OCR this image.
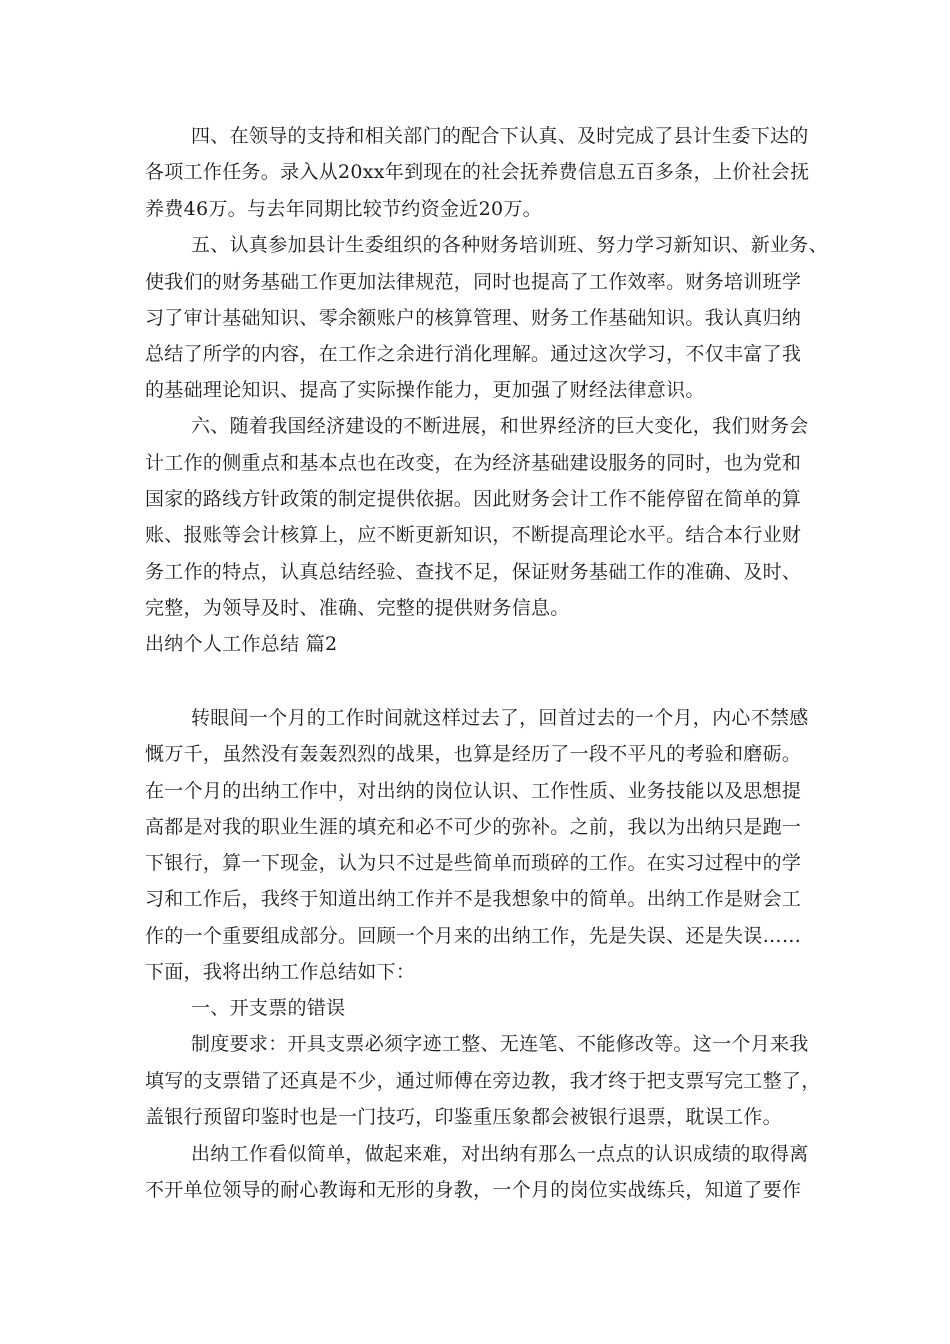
四、在领导的支持和相关部门的配合下认真、及时完成了县计生委下达的
各项工作任务。录入从20xx年到现在的社会抚养费信息五百多条，上价社会抚
养费46万。与去年同期比较节约资金近20万。
五、认真参加县计生委组织的各种财务培训班、努力学习新知识、新业务、
使我们的财务基础工作更加法律规范，同时也提高了工作效率。财务培训班学
习了审计基础知识、零余额账户的核算管理、财务工作基础知识。我认真归纳
总结了所学的内容，在工作之余进行消化理解。通过这次学习，不仅丰富了我
的基础理论知识、提高了实际操作能力，更加强了财经法律意识。
六、随着我国经济建设的不断进展，和世界经济的巨大变化，我们财务会
计工作的侧重点和基本点也在改变，在为经济基础建设服务的同时，也为党和
国家的路线方针政策的制定提供依据。因此财务会计工作不能停留在简单的算
账、报账等会计核算上，应不断更新知识，不断提高理论水平。结合本行业财
务工作的特点，认真总结经验、查找不足，保证财务基础工作的准确、及时、
完整，为领导及时、准确、完整的提供财务信息。
出纳个人工作总结 篇2
转眼间一个月的工作时间就这样过去了，回首过去的一个月，内心不禁感
慨万千，虽然没有轰轰烈烈的战果，也算是经历了一段不平凡的考验和磨砺。
在一个月的出纳工作中，对出纳的岗位认识、工作性质、业务技能以及思想提
高都是对我的职业生涯的填充和必不可少的弥补。之前，我以为出纳只是跑一
下银行，算一下现金，认为只不过是些简单而琐碎的工作。在实习过程中的学
习和工作后，我终于知道出纳工作并不是我想象中的简单。出纳工作是财会工
作的一个重要组成部分。回顾一个月来的出纳工作，先是失误、还是失误……
下面，我将出纳工作总结如下：
一、开支票的错误
制度要求：开具支票必须字迹工整、无连笔、不能修改等。这一个月来我
填写的支票错了还真是不少，通过师傅在旁边教，我才终于把支票写完工整了，
盖银行预留印鉴时也是一门技巧，印鉴重压象都会被银行退票，耽误工作。
出纳工作看似简单，做起来难，对出纳有那么一点点的认识成绩的取得离
不开单位领导的耐心教诲和无形的身教，一个月的岗位实战练兵，知道了要作
